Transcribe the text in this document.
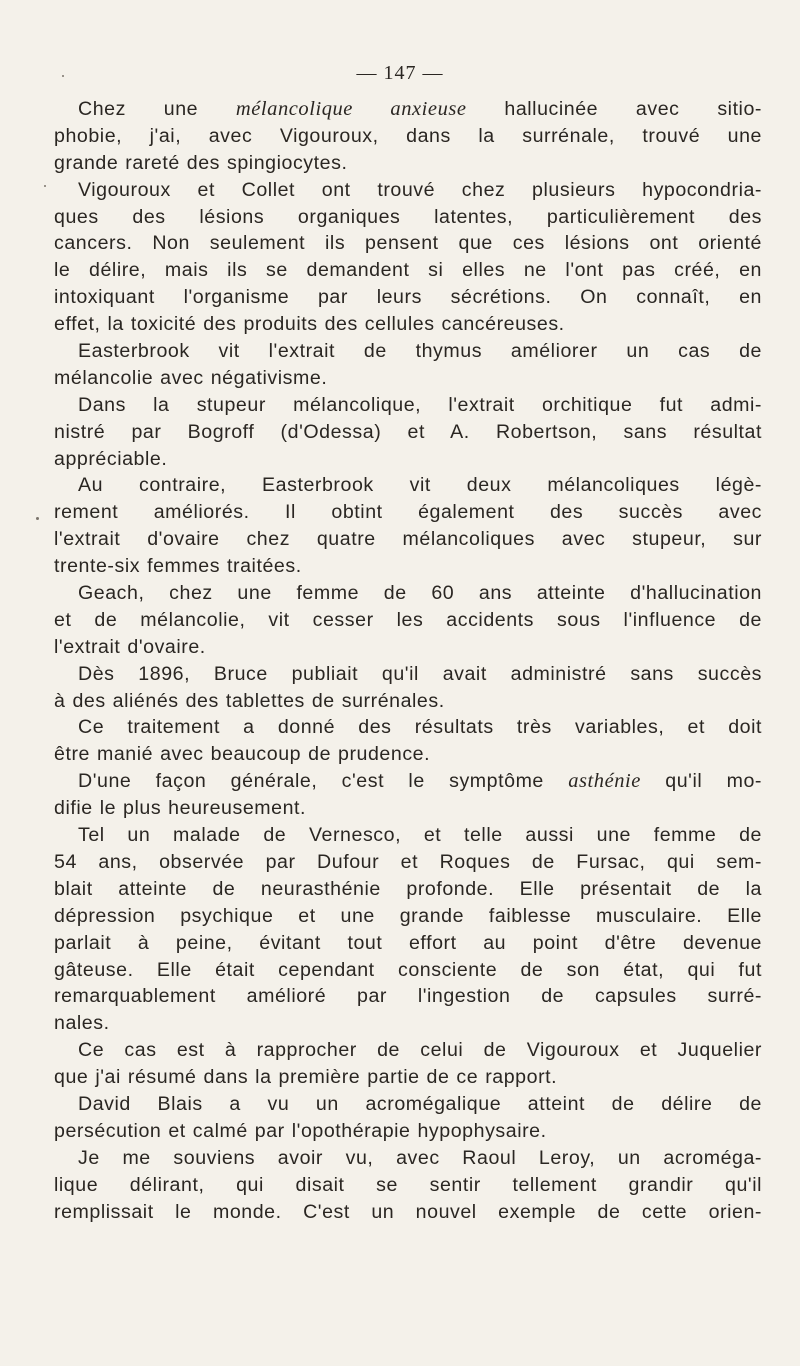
— 147 —
Chez une mélancolique anxieuse hallucinée avec sitio-
phobie, j'ai, avec Vigouroux, dans la surrénale, trouvé une
grande rareté des spingiocytes.
Vigouroux et Collet ont trouvé chez plusieurs hypocondria-
ques des lésions organiques latentes, particulièrement des
cancers. Non seulement ils pensent que ces lésions ont orienté
le délire, mais ils se demandent si elles ne l'ont pas créé, en
intoxiquant l'organisme par leurs sécrétions. On connaît, en
effet, la toxicité des produits des cellules cancéreuses.
Easterbrook vit l'extrait de thymus améliorer un cas de
mélancolie avec négativisme.
Dans la stupeur mélancolique, l'extrait orchitique fut admi-
nistré par Bogroff (d'Odessa) et A. Robertson, sans résultat
appréciable.
Au contraire, Easterbrook vit deux mélancoliques légè-
rement améliorés. Il obtint également des succès avec
l'extrait d'ovaire chez quatre mélancoliques avec stupeur, sur
trente-six femmes traitées.
Geach, chez une femme de 60 ans atteinte d'hallucination
et de mélancolie, vit cesser les accidents sous l'influence de
l'extrait d'ovaire.
Dès 1896, Bruce publiait qu'il avait administré sans succès
à des aliénés des tablettes de surrénales.
Ce traitement a donné des résultats très variables, et doit
être manié avec beaucoup de prudence.
D'une façon générale, c'est le symptôme asthénie qu'il mo-
difie le plus heureusement.
Tel un malade de Vernesco, et telle aussi une femme de
54 ans, observée par Dufour et Roques de Fursac, qui sem-
blait atteinte de neurasthénie profonde. Elle présentait de la
dépression psychique et une grande faiblesse musculaire. Elle
parlait à peine, évitant tout effort au point d'être devenue
gâteuse. Elle était cependant consciente de son état, qui fut
remarquablement amélioré par l'ingestion de capsules surré-
nales.
Ce cas est à rapprocher de celui de Vigouroux et Juquelier
que j'ai résumé dans la première partie de ce rapport.
David Blais a vu un acromégalique atteint de délire de
persécution et calmé par l'opothérapie hypophysaire.
Je me souviens avoir vu, avec Raoul Leroy, un acroméga-
lique délirant, qui disait se sentir tellement grandir qu'il
remplissait le monde. C'est un nouvel exemple de cette orien-
